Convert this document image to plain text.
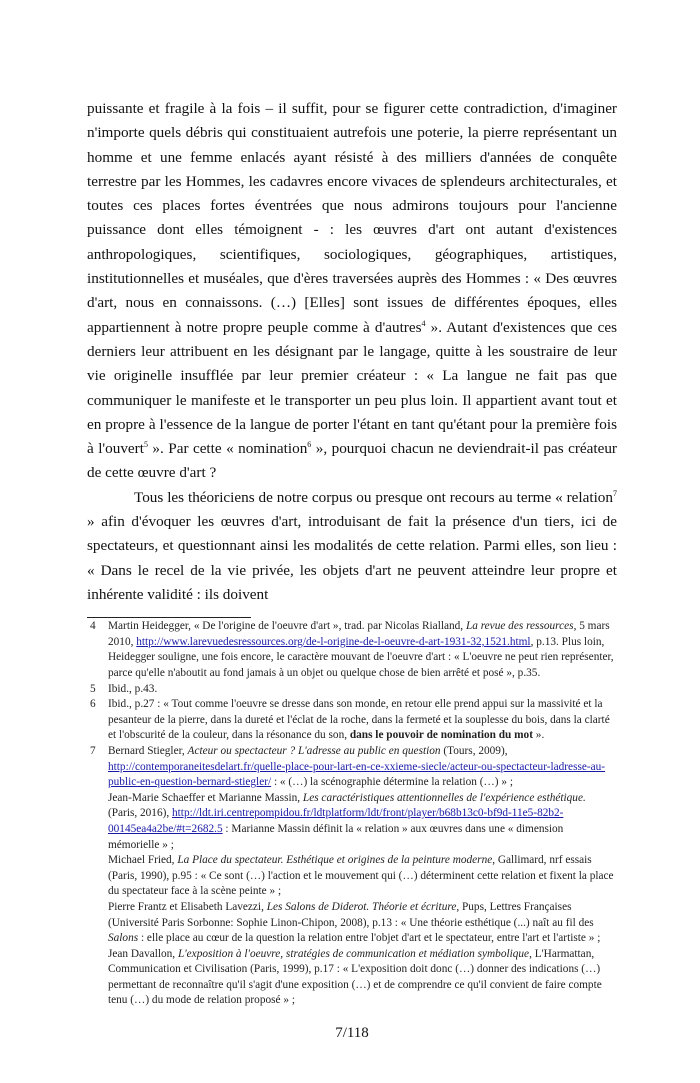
puissante et fragile à la fois – il suffit, pour se figurer cette contradiction, d'imaginer n'importe quels débris qui constituaient autrefois une poterie, la pierre représentant un homme et une femme enlacés ayant résisté à des milliers d'années de conquête terrestre par les Hommes, les cadavres encore vivaces de splendeurs architecturales, et toutes ces places fortes éventrées que nous admirons toujours pour l'ancienne puissance dont elles témoignent - : les œuvres d'art ont autant d'existences anthropologiques, scientifiques, sociologiques, géographiques, artistiques, institutionnelles et muséales, que d'ères traversées auprès des Hommes : « Des œuvres d'art, nous en connaissons. (…) [Elles] sont issues de différentes époques, elles appartiennent à notre propre peuple comme à d'autres$^4$ ». Autant d'existences que ces derniers leur attribuent en les désignant par le langage, quitte à les soustraire de leur vie originelle insufflée par leur premier créateur : « La langue ne fait pas que communiquer le manifeste et le transporter un peu plus loin. Il appartient avant tout et en propre à l'essence de la langue de porter l'étant en tant qu'étant pour la première fois à l'ouvert$^5$ ». Par cette « nomination$^6$ », pourquoi chacun ne deviendrait-il pas créateur de cette œuvre d'art ?

Tous les théoriciens de notre corpus ou presque ont recours au terme « relation$^7$ » afin d'évoquer les œuvres d'art, introduisant de fait la présence d'un tiers, ici de spectateurs, et questionnant ainsi les modalités de cette relation. Parmi elles, son lieu : « Dans le recel de la vie privée, les objets d'art ne peuvent atteindre leur propre et inhérente validité : ils doivent

4	Martin Heidegger, « De l'origine de l'oeuvre d'art », trad. par Nicolas Rialland, La revue des ressources, 5 mars 2010, http://www.larevuedesressources.org/de-l-origine-de-l-oeuvre-d-art-1931-32,1521.html, p.13. Plus loin, Heidegger souligne, une fois encore, le caractère mouvant de l'oeuvre d'art : « L'oeuvre ne peut rien représenter, parce qu'elle n'aboutit au fond jamais à un objet ou quelque chose de bien arrêté et posé », p.35.
5	Ibid., p.43.
6	Ibid., p.27 : « Tout comme l'oeuvre se dresse dans son monde, en retour elle prend appui sur la massivité et la pesanteur de la pierre, dans la dureté et l'éclat de la roche, dans la fermeté et la souplesse du bois, dans la clarté et l'obscurité de la couleur, dans la résonance du son, dans le pouvoir de nomination du mot ».
7	Bernard Stiegler, Acteur ou spectacteur ? L'adresse au public en question (Tours, 2009), http://contemporaneitesdelart.fr/quelle-place-pour-lart-en-ce-xxieme-siecle/acteur-ou-spectacteur-ladresse-au-public-en-question-bernard-stiegler/ : « (…) la scénographie détermine la relation (…) » ;

Jean-Marie Schaeffer et Marianne Massin, Les caractéristiques attentionnelles de l'expérience esthétique. (Paris, 2016), http://ldt.iri.centrepompidou.fr/ldtplatform/ldt/front/player/b68b13c0-bf9d-11e5-82b2-00145ea4a2be/#t=2682.5 : Marianne Massin définit la « relation » aux œuvres dans une « dimension mémorielle » ;

Michael Fried, La Place du spectateur. Esthétique et origines de la peinture moderne, Gallimard, nrf essais (Paris, 1990), p.95 : « Ce sont (…) l'action et le mouvement qui (…) déterminent cette relation et fixent la place du spectateur face à la scène peinte » ;

Pierre Frantz et Elisabeth Lavezzi, Les Salons de Diderot. Théorie et écriture, Pups, Lettres Françaises (Université Paris Sorbonne: Sophie Linon-Chipon, 2008), p.13 : « Une théorie esthétique (...) naît au fil des Salons : elle place au cœur de la question la relation entre l'objet d'art et le spectateur, entre l'art et l'artiste » ;

Jean Davallon, L'exposition à l'oeuvre, stratégies de communication et médiation symbolique, L'Harmattan, Communication et Civilisation (Paris, 1999), p.17 : « L'exposition doit donc (…) donner des indications (…) permettant de reconnaître qu'il s'agit d'une exposition (…) et de comprendre ce qu'il convient de faire compte tenu (…) du mode de relation proposé » ;

7/118
